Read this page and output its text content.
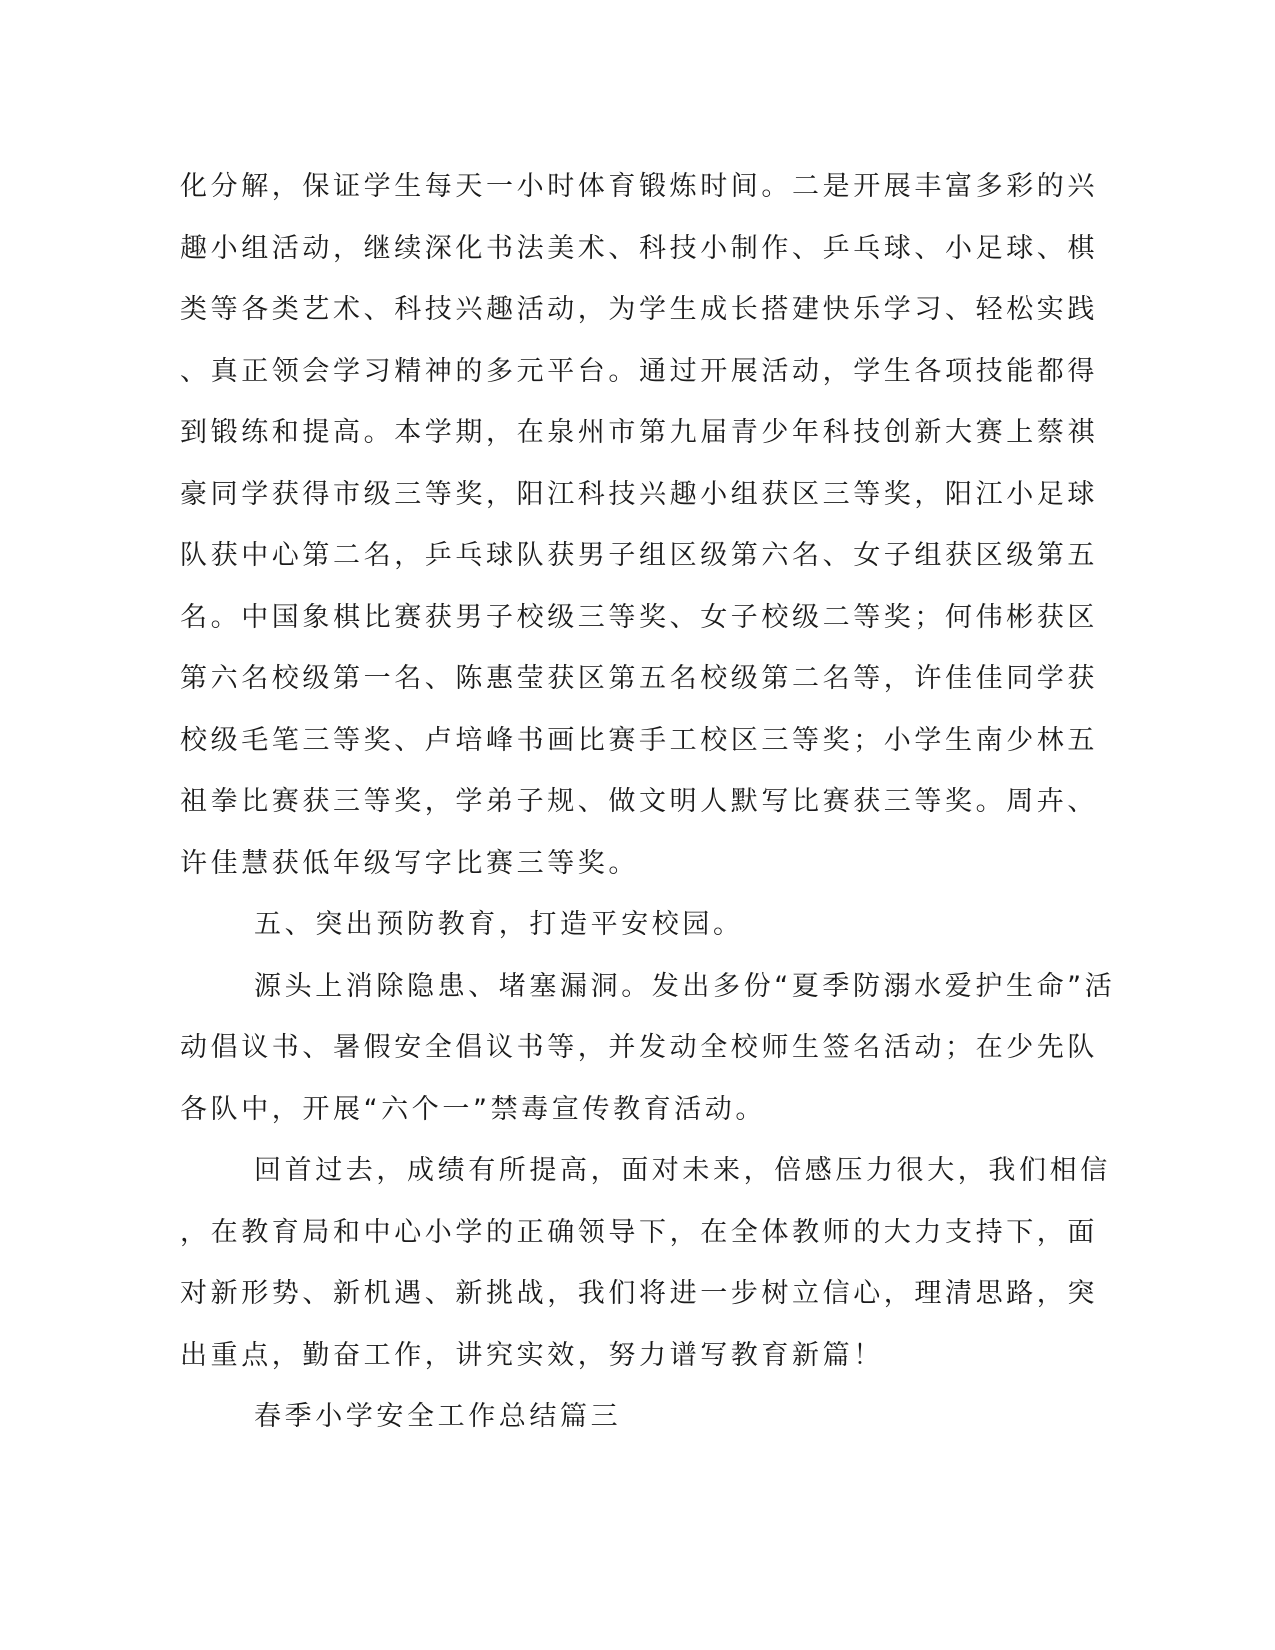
化分解，保证学生每天一小时体育锻炼时间。二是开展丰富多彩的兴
趣小组活动，继续深化书法美术、科技小制作、乒乓球、小足球、棋
类等各类艺术、科技兴趣活动，为学生成长搭建快乐学习、轻松实践
、真正领会学习精神的多元平台。通过开展活动，学生各项技能都得
到锻练和提高。本学期，在泉州市第九届青少年科技创新大赛上蔡祺
豪同学获得市级三等奖，阳江科技兴趣小组获区三等奖，阳江小足球
队获中心第二名，乒乓球队获男子组区级第六名、女子组获区级第五
名。中国象棋比赛获男子校级三等奖、女子校级二等奖；何伟彬获区
第六名校级第一名、陈惠莹获区第五名校级第二名等，许佳佳同学获
校级毛笔三等奖、卢培峰书画比赛手工校区三等奖；小学生南少林五
祖拳比赛获三等奖，学弟子规、做文明人默写比赛获三等奖。周卉、
许佳慧获低年级写字比赛三等奖。
五、突出预防教育，打造平安校园。
源头上消除隐患、堵塞漏洞。发出多份“夏季防溺水爱护生命”活
动倡议书、暑假安全倡议书等，并发动全校师生签名活动；在少先队
各队中，开展“六个一”禁毒宣传教育活动。
回首过去，成绩有所提高，面对未来，倍感压力很大，我们相信
，在教育局和中心小学的正确领导下，在全体教师的大力支持下，面
对新形势、新机遇、新挑战，我们将进一步树立信心，理清思路，突
出重点，勤奋工作，讲究实效，努力谱写教育新篇！
春季小学安全工作总结篇三
